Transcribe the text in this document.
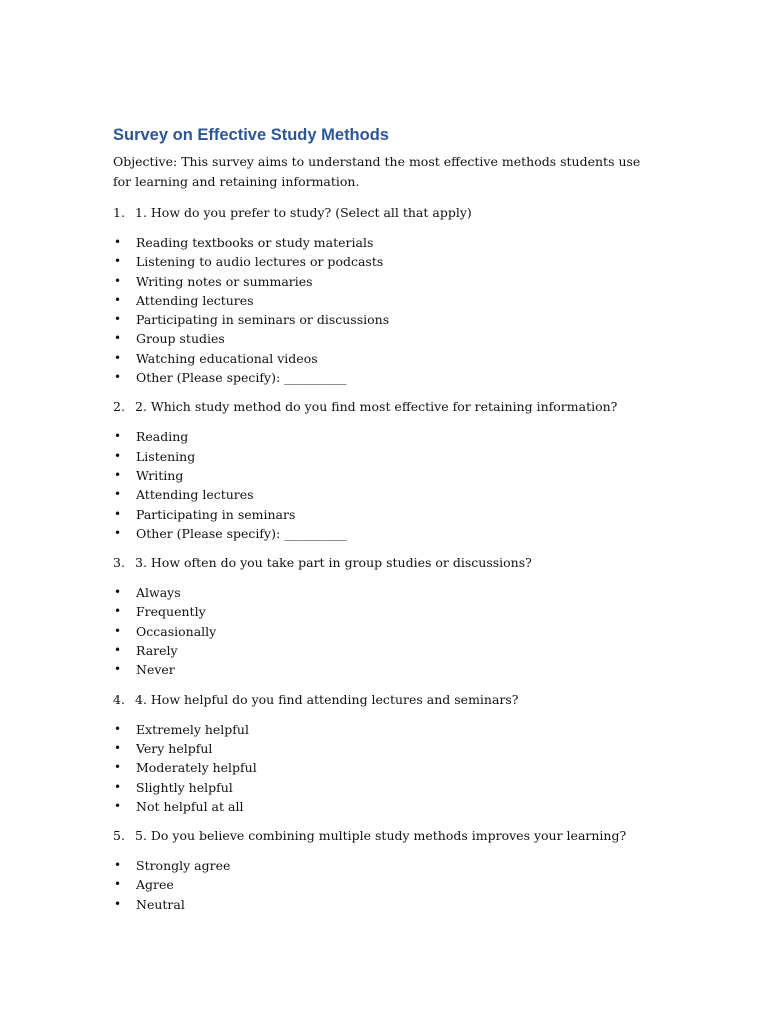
Survey on Effective Study Methods

Objective: This survey aims to understand the most effective methods students use for learning and retaining information.

1. 1. How do you prefer to study? (Select all that apply)
•	Reading textbooks or study materials
•	Listening to audio lectures or podcasts
•	Writing notes or summaries
•	Attending lectures
•	Participating in seminars or discussions
•	Group studies
•	Watching educational videos
•	Other (Please specify): __________
2. 2. Which study method do you find most effective for retaining information?
•	Reading
•	Listening
•	Writing
•	Attending lectures
•	Participating in seminars
•	Other (Please specify): __________
3. 3. How often do you take part in group studies or discussions?
•	Always
•	Frequently
•	Occasionally
•	Rarely
•	Never
4. 4. How helpful do you find attending lectures and seminars?
•	Extremely helpful
•	Very helpful
•	Moderately helpful
•	Slightly helpful
•	Not helpful at all
5. 5. Do you believe combining multiple study methods improves your learning?
•	Strongly agree
•	Agree
•	Neutral
